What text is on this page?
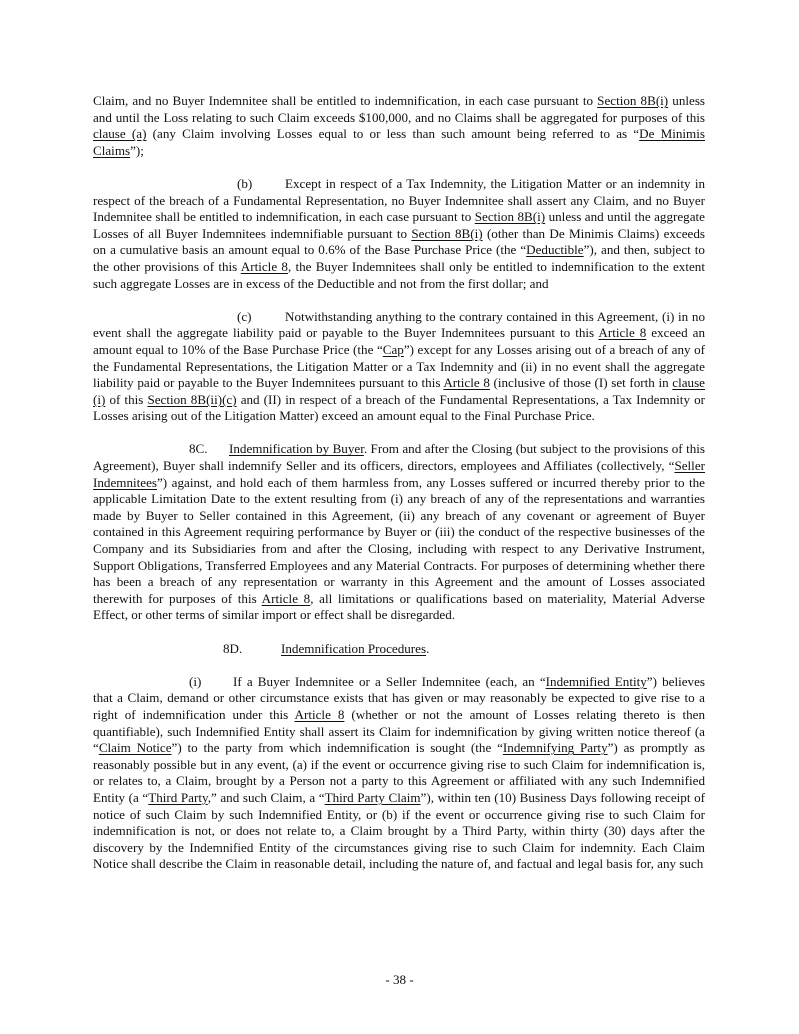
Claim, and no Buyer Indemnitee shall be entitled to indemnification, in each case pursuant to Section 8B(i) unless and until the Loss relating to such Claim exceeds $100,000, and no Claims shall be aggregated for purposes of this clause (a) (any Claim involving Losses equal to or less than such amount being referred to as “De Minimis Claims”);

(b) Except in respect of a Tax Indemnity, the Litigation Matter or an indemnity in respect of the breach of a Fundamental Representation, no Buyer Indemnitee shall assert any Claim, and no Buyer Indemnitee shall be entitled to indemnification, in each case pursuant to Section 8B(i) unless and until the aggregate Losses of all Buyer Indemnitees indemnifiable pursuant to Section 8B(i) (other than De Minimis Claims) exceeds on a cumulative basis an amount equal to 0.6% of the Base Purchase Price (the “Deductible”), and then, subject to the other provisions of this Article 8, the Buyer Indemnitees shall only be entitled to indemnification to the extent such aggregate Losses are in excess of the Deductible and not from the first dollar; and

(c)	Notwithstanding anything to the contrary contained in this Agreement, (i) in no event shall the aggregate liability paid or payable to the Buyer Indemnitees pursuant to this Article 8 exceed an amount equal to 10% of the Base Purchase Price (the “Cap”) except for any Losses arising out of a breach of any of the Fundamental Representations, the Litigation Matter or a Tax Indemnity and (ii) in no event shall the aggregate liability paid or payable to the Buyer Indemnitees pursuant to this Article 8 (inclusive of those (I) set forth in clause (i) of this Section 8B(ii)(c) and (II) in respect of a breach of the Fundamental Representations, a Tax Indemnity or Losses arising out of the Litigation Matter) exceed an amount equal to the Final Purchase Price.

8C. Indemnification by Buyer. From and after the Closing (but subject to the provisions of this Agreement), Buyer shall indemnify Seller and its officers, directors, employees and Affiliates (collectively, “Seller Indemnitees”) against, and hold each of them harmless from, any Losses suffered or incurred thereby prior to the applicable Limitation Date to the extent resulting from (i) any breach of any of the representations and warranties made by Buyer to Seller contained in this Agreement, (ii) any breach of any covenant or agreement of Buyer contained in this Agreement requiring performance by Buyer or (iii) the conduct of the respective businesses of the Company and its Subsidiaries from and after the Closing, including with respect to any Derivative Instrument, Support Obligations, Transferred Employees and any Material Contracts. For purposes of determining whether there has been a breach of any representation or warranty in this Agreement and the amount of Losses associated therewith for purposes of this Article 8, all limitations or qualifications based on materiality, Material Adverse Effect, or other terms of similar import or effect shall be disregarded.

8D.	Indemnification Procedures.

(i) If a Buyer Indemnitee or a Seller Indemnitee (each, an “Indemnified Entity”) believes that a Claim, demand or other circumstance exists that has given or may reasonably be expected to give rise to a right of indemnification under this Article 8 (whether or not the amount of Losses relating thereto is then quantifiable), such Indemnified Entity shall assert its Claim for indemnification by giving written notice thereof (a “Claim Notice”) to the party from which indemnification is sought (the “Indemnifying Party”) as promptly as reasonably possible but in any event, (a) if the event or occurrence giving rise to such Claim for indemnification is, or relates to, a Claim, brought by a Person not a party to this Agreement or affiliated with any such Indemnified Entity (a “Third Party,” and such Claim, a “Third Party Claim”), within ten (10) Business Days following receipt of notice of such Claim by such Indemnified Entity, or (b) if the event or occurrence giving rise to such Claim for indemnification is not, or does not relate to, a Claim brought by a Third Party, within thirty (30) days after the discovery by the Indemnified Entity of the circumstances giving rise to such Claim for indemnity. Each Claim Notice shall describe the Claim in reasonable detail, including the nature of, and factual and legal basis for, any such

- 38 -
